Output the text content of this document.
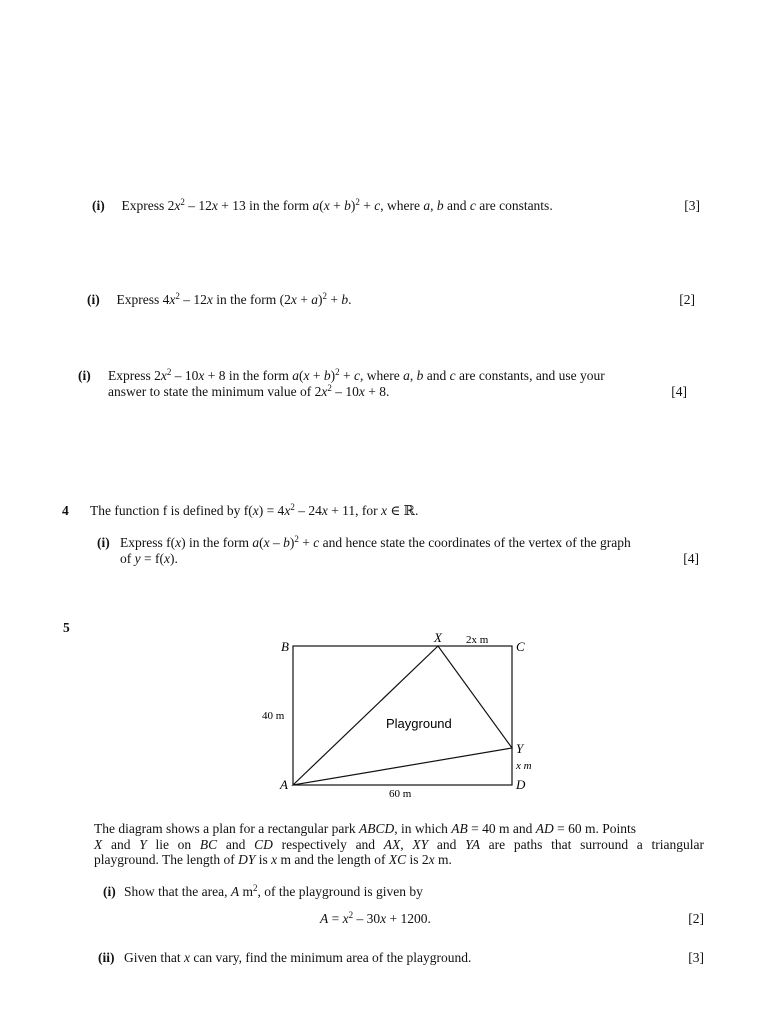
(i) Express $2x^2 - 12x + 13$ in the form $a(x + b)^2 + c$, where a, b and c are constants.	[3]
(i) Express $4x^2 - 12x$ in the form $(2x + a)^2 + b$.	[2]
(i) Express $2x^2 - 10x + 8$ in the form $a(x + b)^2 + c$, where a, b and c are constants, and use your
answer to state the minimum value of $2x^2 - 10x + 8$.	[4]
4 The function f is defined by $f(x) = 4x^2 - 24x + 11$, for x ∈ ℝ.
(i) Express f(x) in the form a(x – b)$^2$ + c and hence state the coordinates of the vertex of the graph
of y = f(x).	[4]
5
B
X 2x m C
40 m	Playground
Y
x m
A	D
60 m
The diagram shows a plan for a rectangular park ABCD, in which AB = 40 m and AD = 60 m. Points
X and Y lie on BC and CD respectively and AX, XY and YA are paths that surround a triangular
playground. The length of DY is x m and the length of XC is 2x m.
(i) Show that the area, A $m^2$, of the playground is given by
$A = x^2 - 30x + 1200$.	[2]
(ii) Given that x can vary, find the minimum area of the playground.	[3]
